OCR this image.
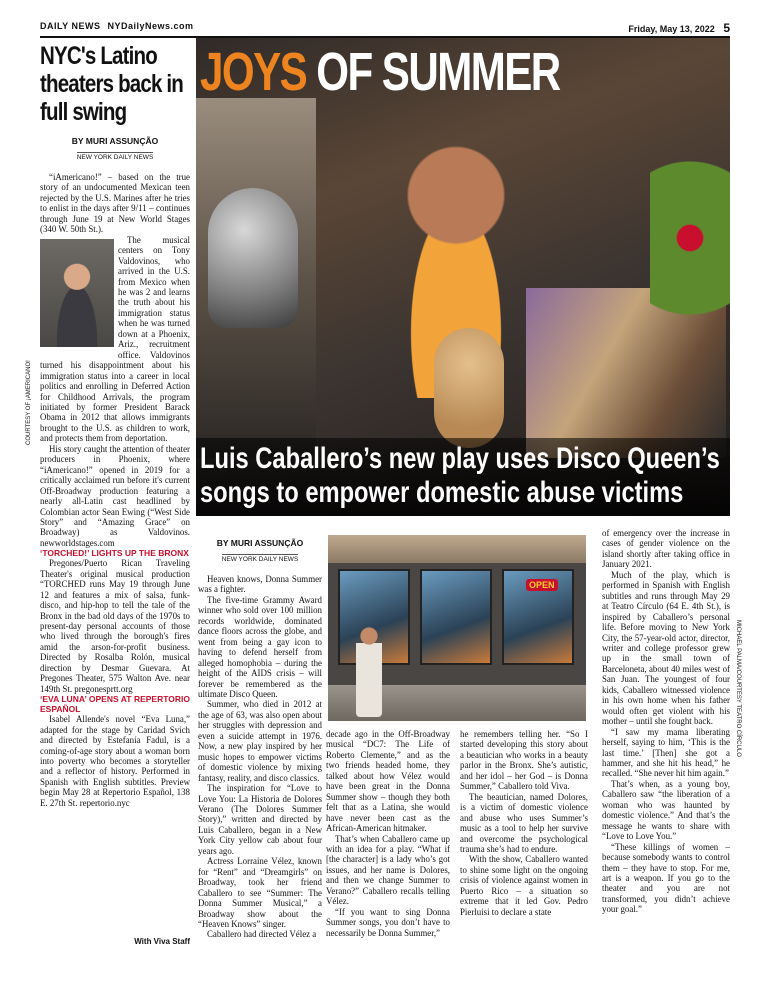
DAILY NEWS NYDailyNews.com	Friday, May 13, 2022 5
NYC's Latino theaters back in full swing
BY MURI ASSUNÇÃO
NEW YORK DAILY NEWS

“iAmericano!” – based on the true story of an undocumented Mexican teen rejected by the U.S. Marines after he tries to enlist in the days after 9/11 – continues through June 19 at New World Stages (340 W. 50th St.).

The musical centers on Tony Valdovinos, who arrived in the U.S. from Mexico when he was 2 and learns the truth about his immigration status when he was turned down at a Phoenix, Ariz., recruitment office. Valdovinos turned his disappointment about his immigration status into a career in local politics and enrolling in Deferred Action for Childhood Arrivals, the program initiated by former President Barack Obama in 2012 that allows immigrants brought to the U.S. as children to work, and protects them from deportation.

His story caught the attention of theater producers in Phoenix, where “iAmericano!” opened in 2019 for a critically acclaimed run before it's current Off-Broadway production featuring a nearly all-Latin cast headlined by Colombian actor Sean Ewing (“West Side Story” and “Amazing Grace” on Broadway) as Valdovinos. newworldstages.com

‘TORCHED!’ LIGHTS UP THE BRONX

Pregones/Puerto Rican Traveling Theater's original musical production “TORCHED runs May 19 through June 12 and features a mix of salsa, funk-disco, and hip-hop to tell the tale of the Bronx in the bad old days of the 1970s to present-day personal accounts of those who lived through the borough's fires amid the arson-for-profit business. Directed by Rosalba Rolón, musical direction by Desmar Guevara. At Pregones Theater, 575 Walton Ave. near 149th St. pregonesprtt.org

‘EVA LUNA’ OPENS AT REPERTORIO ESPAÑOL

Isabel Allende's novel “Eva Luna,” adapted for the stage by Caridad Svich and directed by Estefanía Fadul, is a coming-of-age story about a woman born into poverty who becomes a storyteller and a reflector of history. Performed in Spanish with English subtitles. Preview begin May 28 at Repertorio Español, 138 E. 27th St. repertorio.nyc

With Viva Staff
COURTESY OF ¡AMERICANO!
JOYS OF SUMMER
Luis Caballero’s new play uses Disco Queen’s songs to empower domestic abuse victims
MICHAEL PALMA/COURTESY TEATRO CÍRCULO
BY MURI ASSUNÇÃO
NEW YORK DAILY NEWS

Heaven knows, Donna Summer was a fighter.

The five-time Grammy Award winner who sold over 100 million records worldwide, dominated dance floors across the globe, and went from being a gay icon to having to defend herself from alleged homophobia – during the height of the AIDS crisis – will forever be remembered as the ultimate Disco Queen.

Summer, who died in 2012 at the age of 63, was also open about her struggles with depression and even a suicide attempt in 1976. Now, a new play inspired by her music hopes to empower victims of domestic violence by mixing fantasy, reality, and disco classics.

The inspiration for “Love to Love You: La Historia de Dolores Verano (The Dolores Summer Story),” written and directed by Luis Caballero, began in a New York City yellow cab about four years ago.

Actress Lorraine Vélez, known for “Rent” and “Dreamgirls” on Broadway, took her friend Caballero to see “Summer: The Donna Summer Musical,” a Broadway show about the “Heaven Knows” singer.

Caballero had directed Vélez a

OPEN

decade ago in the Off-Broadway musical “DC7: The Life of Roberto Clemente,” and as the two friends headed home, they talked about how Vélez would have been great in the Donna Summer show – though they both felt that as a Latina, she would have never been cast as the African-American hitmaker.

That’s when Caballero came up with an idea for a play. “What if [the character] is a lady who’s got issues, and her name is Dolores, and then we change Summer to Verano?” Caballero recalls telling Vélez.

“If you want to sing Donna Summer songs, you don’t have to necessarily be Donna Summer,”

he remembers telling her. “So I started developing this story about a beautician who works in a beauty parlor in the Bronx. She’s autistic, and her idol – her God – is Donna Summer,” Caballero told Viva.

The beautician, named Dolores, is a victim of domestic violence and abuse who uses Summer’s music as a tool to help her survive and overcome the psychological trauma she’s had to endure.

With the show, Caballero wanted to shine some light on the ongoing crisis of violence against women in Puerto Rico – a situation so extreme that it led Gov. Pedro Pierluisi to declare a state

of emergency over the increase in cases of gender violence on the island shortly after taking office in January 2021.

Much of the play, which is performed in Spanish with English subtitles and runs through May 29 at Teatro Círculo (64 E. 4th St.), is inspired by Caballero’s personal life. Before moving to New York City, the 57-year-old actor, director, writer and college professor grew up in the small town of Barceloneta, about 40 miles west of San Juan. The youngest of four kids, Caballero witnessed violence in his own home when his father would often get violent with his mother – until she fought back.

“I saw my mama liberating herself, saying to him, ‘This is the last time.’ [Then] she got a hammer, and she hit his head,” he recalled. “She never hit him again.”

That’s when, as a young boy, Caballero saw “the liberation of a woman who was haunted by domestic violence.” And that’s the message he wants to share with “Love to Love You.”

“These killings of women – because somebody wants to control them – they have to stop. For me, art is a weapon. If you go to the theater and you are not transformed, you didn’t achieve your goal.”
